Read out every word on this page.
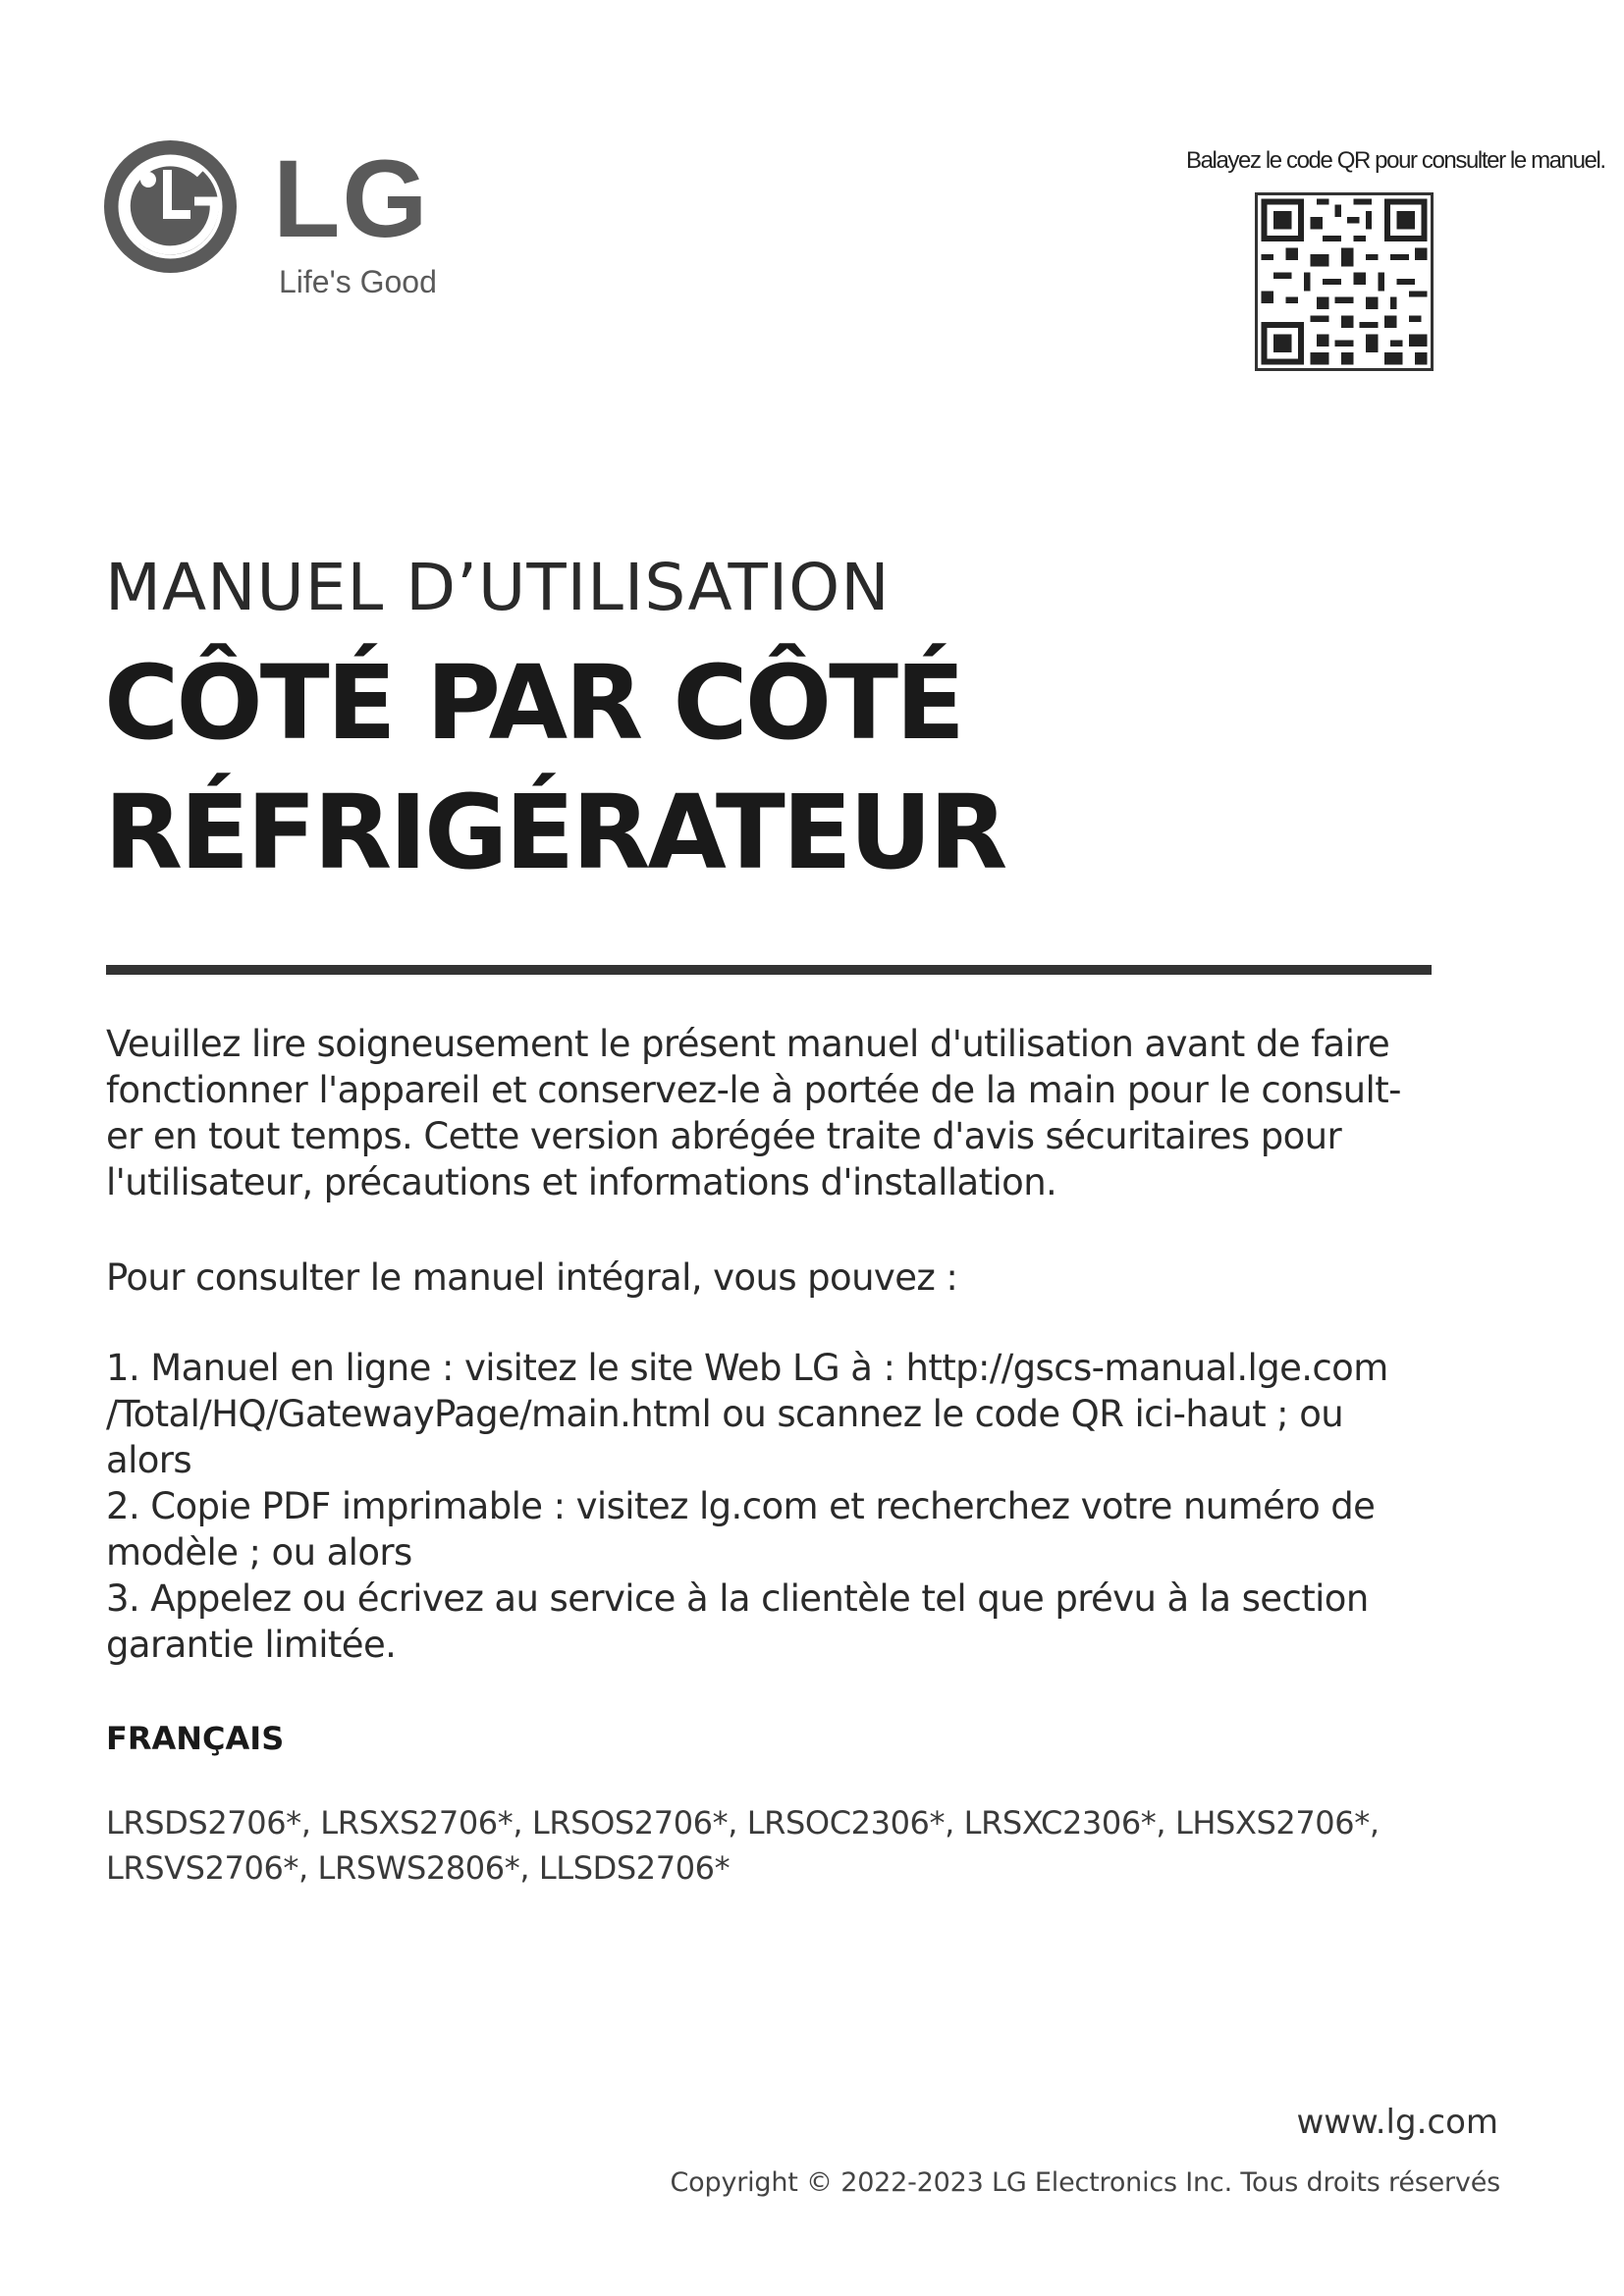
LG
Life's Good
Balayez le code QR pour consulter le manuel.
MANUEL D’UTILISATION
CÔTÉ PAR CÔTÉ
RÉFRIGÉRATEUR
Veuillez lire soigneusement le présent manuel d'utilisation avant de faire
fonctionner l'appareil et conservez-le à portée de la main pour le consult-
er en tout temps. Cette version abrégée traite d'avis sécuritaires pour
l'utilisateur, précautions et informations d'installation.
Pour consulter le manuel intégral, vous pouvez :
1. Manuel en ligne : visitez le site Web LG à : http://gscs-manual.lge.com
/Total/HQ/GatewayPage/main.html ou scannez le code QR ici-haut ; ou
alors
2. Copie PDF imprimable : visitez lg.com et recherchez votre numéro de
modèle ; ou alors
3. Appelez ou écrivez au service à la clientèle tel que prévu à la section
garantie limitée.
FRANÇAIS
LRSDS2706*, LRSXS2706*, LRSOS2706*, LRSOC2306*, LRSXC2306*, LHSXS2706*,
LRSVS2706*, LRSWS2806*, LLSDS2706*
www.lg.com
Copyright © 2022-2023 LG Electronics Inc. Tous droits réservés
